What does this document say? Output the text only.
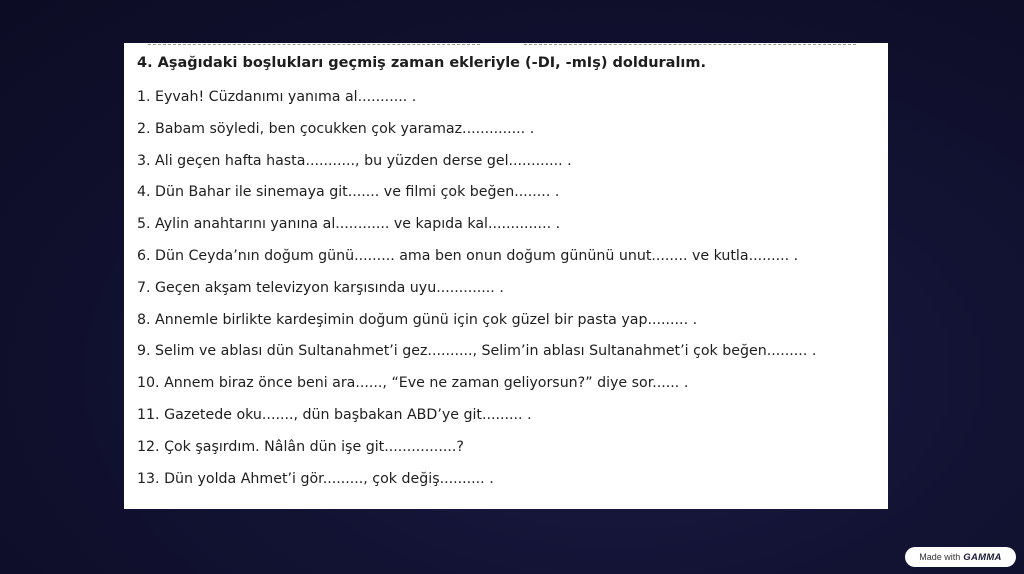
4. Aşağıdaki boşlukları geçmiş zaman ekleriyle (-DI, -mIş) dolduralım.
1. Eyvah! Cüzdanımı yanıma al........... .
2. Babam söyledi, ben çocukken çok yaramaz.............. .
3. Ali geçen hafta hasta..........., bu yüzden derse gel............ .
4. Dün Bahar ile sinemaya git....... ve filmi çok beğen........ .
5. Aylin anahtarını yanına al............ ve kapıda kal.............. .
6. Dün Ceyda’nın doğum günü......... ama ben onun doğum gününü unut........ ve kutla......... .
7. Geçen akşam televizyon karşısında uyu............. .
8. Annemle birlikte kardeşimin doğum günü için çok güzel bir pasta yap......... .
9. Selim ve ablası dün Sultanahmet’i gez.........., Selim’in ablası Sultanahmet’i çok beğen......... .
10. Annem biraz önce beni ara......, “Eve ne zaman geliyorsun?” diye sor...... .
11. Gazetede oku......., dün başbakan ABD’ye git......... .
12. Çok şaşırdım. Nâlân dün işe git................?
13. Dün yolda Ahmet’i gör........., çok değiş.......... .
Made with GAMMA
